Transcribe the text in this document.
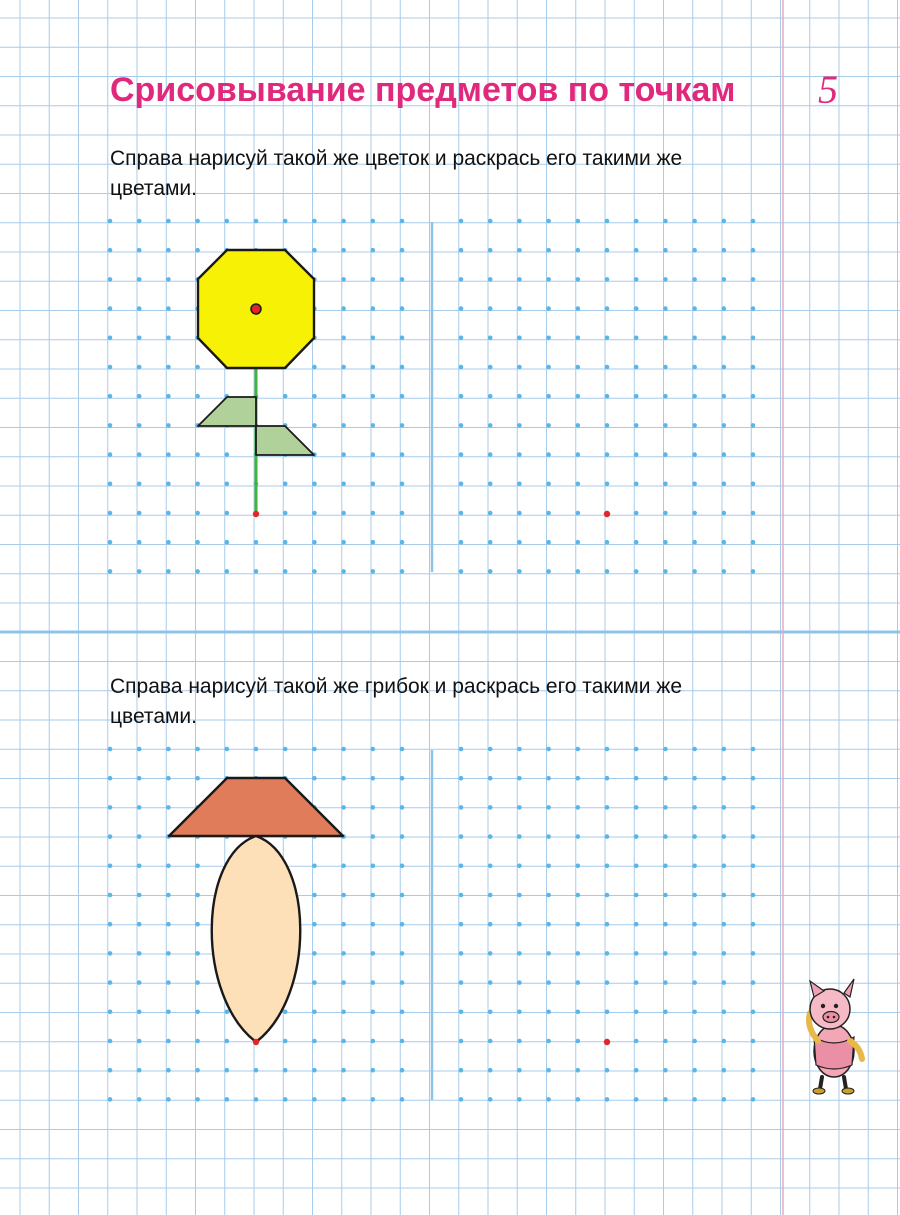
Срисовывание предметов по точкам 5

Справа нарисуй такой же цветок и раскрась его такими же цветами.

Справа нарисуй такой же грибок и раскрась его такими же цветами.
